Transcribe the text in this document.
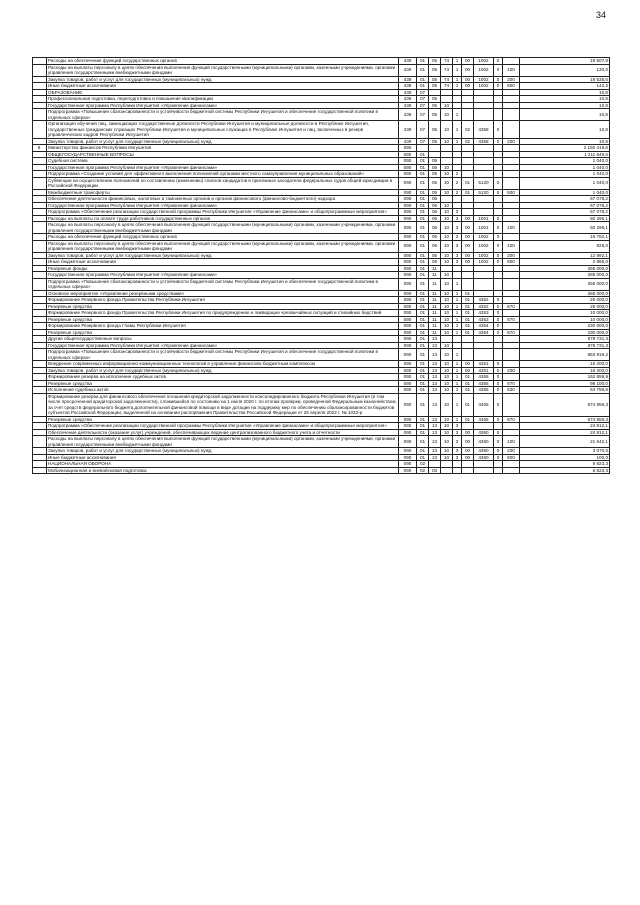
34
	Расходы на обеспечение функций государственных органов	439	01	05	74	1	00	1002	0		19 507,8
	Расходы на выплаты персоналу в целях обеспечения выполнения функций государственными (муниципальными) органами, казенными учреждениями, органами управления государственными внебюджетными фондами	439	01	05	74	1	00	1002	0	100	130,0
	Закупка товаров, работ и услуг для государственных (муниципальных) нужд	439	01	05	74	1	00	1002	0	200	19 535,6
	Иные бюджетные ассигнования	439	01	05	74	1	00	1002	0	800	142,2
	ОБРАЗОВАНИЕ	439	07								10,8
	Профессиональная подготовка, переподготовка и повышение квалификации	439	07	05							10,8
	Государственная программа Республики Ингушетия «Управление финансами»	439	07	05	10						10,8
	Подпрограмма «Повышение сбалансированности и устойчивости бюджетной системы Республики Ингушетия и обеспечение государственной политики в отдельных сферах»	439	07	05	10	1					10,8
	Организация обучения лиц, замещающих государственные должности Республики Ингушетия и муниципальные должности в Республике Ингушетия, государственных гражданских служащих Республики Ингушетия и муниципальных служащих в Республике Ингушетия и лиц, включенных в резерв управленческих кадров Республики Ингушетия	439	07	05	10	1	02	4358	0		10,8
	Закупка товаров, работ и услуг для государственных (муниципальных) нужд	439	07	05	10	1	02	4358	0	200	10,8
8.	Министерство финансов Республики Ингушетия	090									2 192 419,6
	ОБЩЕГОСУДАРСТВЕННЫЕ ВОПРОСЫ	090	01								1 211 849,5
	Судебная система	090	01	05							1 040,0
	Государственная программа Республики Ингушетия «Управление финансами»	090	01	05	10						1 040,0
	Подпрограмма «Создание условий для эффективного выполнения полномочий органами местного самоуправления муниципальных образований»	090	01	05	10	2					1 040,0
	Субвенции на осуществление полномочий по составлению (изменению) списков кандидатов в присяжные заседатели федеральных судов общей юрисдикции в Российской Федерации	090	01	05	10	2	01	5120	0		1 040,0
	Межбюджетные трансферты	090	01	05	10	2	01	5120	0	500	1 040,0
	Обеспечение деятельности финансовых, налоговых и таможенных органов и органов финансового (финансово-бюджетного) надзора	090	01	06							67 078,2
	Государственная программа Республики Ингушетия «Управление финансами»	090	01	06	10						67 078,2
	Подпрограмма «Обеспечение реализации государственной программы Республики Ингушетия «Управление финансами» и общепрограммные мероприятия»	090	01	06	10	3					67 078,2
	Расходы на выплаты по оплате труда работников государственных органов	090	01	06	10	3	00	1001	0		50 296,1
	Расходы на выплаты персоналу в целях обеспечения выполнения функций государственными (муниципальными) органами, казенными учреждениями, органами управления государственными внебюджетными фондами	090	01	06	10	3	00	1001	0	100	50 296,1
	Расходы на обеспечение функций государственных органов	090	01	06	10	3	00	1002	0		16 782,1
	Расходы на выплаты персоналу в целях обеспечения выполнения функций государственными (муниципальными) органами, казенными учреждениями, органами управления государственными внебюджетными фондами	090	01	06	10	3	00	1002	0	100	925,0
	Закупка товаров, работ и услуг для государственных (муниципальных) нужд	090	01	06	10	3	00	1002	0	200	12 992,1
	Иные бюджетные ассигнования	090	01	06	10	3	00	1002	0	800	2 865,0
	Резервные фонды	090	01	11							265 000,0
	Государственная программа Республики Ингушетия «Управление финансами»	090	01	11	10						265 000,0
	Подпрограмма «Повышение сбалансированности и устойчивости бюджетной системы Республики Ингушетия и обеспечение государственной политики в отдельных сферах»	090	01	11	10	1					265 000,0
	Основное мероприятие «Управление резервными средствами»	090	01	11	10	1	01				265 000,0
	Формирование Резервного фонда Правительства Республики Ингушетия	090	01	11	10	1	01	4352	0		25 000,0
	Резервные средства	090	01	11	10	1	01	4352	0	870	25 000,0
	Формирование Резервного фонда Правительства Республики Ингушетия по предупреждению и ликвидации чрезвычайных ситуаций и стихийных бедствий	090	01	11	10	1	01	4353	0		10 000,0
	Резервные средства	090	01	11	10	1	01	4353	0	870	10 000,0
	Формирование Резервного фонда Главы Республики Ингушетия	090	01	11	10	1	01	4354	0		230 000,0
	Резервные средства	090	01	11	10	1	01	4354	0	870	230 000,0
	Другие общегосударственные вопросы	090	01	13							878 731,3
	Государственная программа Республики Ингушетия «Управление финансами»	090	01	13	10						878 731,3
	Подпрограмма «Повышение сбалансированности и устойчивости бюджетной системы Республики Ингушетия и обеспечение государственной политики в отдельных сферах»	090	01	13	10	1					853 919,2
	Внедрение современных информационно-коммуникационных технологий в управление финансово-бюджетным комплексом	090	01	13	10	1	00	4351	0		16 200,0
	Закупка товаров, работ и услуг для государственных (муниципальных) нужд	090	01	13	10	1	00	4351	0	200	16 200,0
	Формирование резерва на исполнение судебных актов	090	01	13	10	1	01	4355	0		162 859,9
	Резервные средства	090	01	13	10	1	01	4355	0	870	98 100,0
	Исполнение судебных актов	090	01	13	10	1	01	4355	0	830	64 759,9
	Формирование резерва для финансового обеспечения погашения кредиторской задолженности консолидированного бюджета Республики Ингушетия (в том числе просроченной кредиторской задолженности), сложившейся по состоянию на 1 июля 2020 г. по итогам проверки, проведенной Федеральным казначейством, за счет средств федерального бюджета,дополнительной финансовой помощи в виде дотации на поддержку мер по обеспечению сбалансированности бюджетов субъектов Российской Федерации, выделенной на основании распоряжения Правительства Российской Федерации от 26 апреля 2022 г. № 1032-р	090	01	13	10	1	01	4455	0		674 859,3
	Резервные средства	090	01	13	10	1	01	4455	0	870	674 859,3
	Подпрограмма «Обеспечение реализации государственной программы Республики Ингушетия «Управление финансами» и общепрограммные мероприятия»	090	01	13	10	3					24 812,1
	Обеспечение деятельности (оказание услуг) учреждений, обеспечивающих ведение централизованного бюджетного учета и отчетности	090	01	13	10	3	00	4360	0		24 812,1
	Расходы на выплаты персоналу в целях обеспечения выполнения функций государственными (муниципальными) органами, казенными учреждениями, органами управления государственными внебюджетными фондами	090	01	13	10	3	00	4360	0	100	21 642,1
	Закупка товаров, работ и услуг для государственных (муниципальных) нужд	090	01	13	10	3	00	4360	0	200	3 070,0
	Иные бюджетные ассигнования	090	01	13	10	3	00	4360	0	800	100,0
	НАЦИОНАЛЬНАЯ ОБОРОНА	090	02								8 823,3
	Мобилизационная и вневойсковая подготовка	090	02	03							8 823,3
